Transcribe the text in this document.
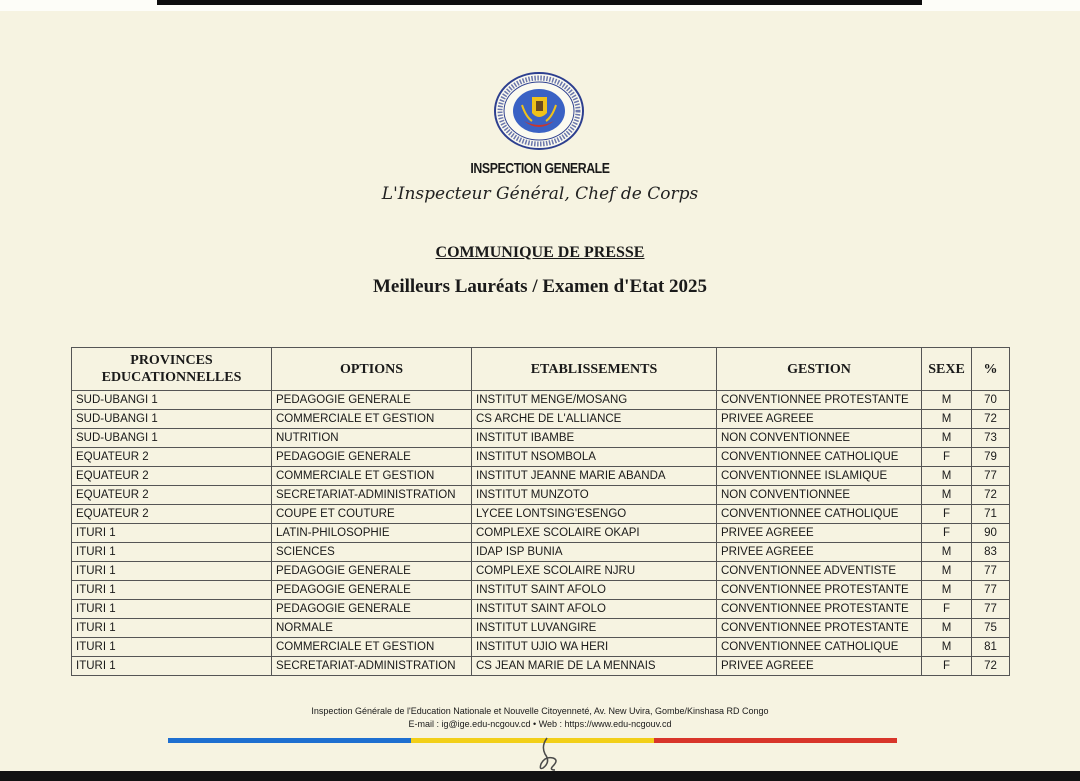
INSPECTION GENERALE
L'Inspecteur Général, Chef de Corps
COMMUNIQUE DE PRESSE
Meilleurs Lauréats / Examen d'Etat 2025
PROVINCES EDUCATIONNELLES	OPTIONS	ETABLISSEMENTS	GESTION	SEXE	%
SUD-UBANGI 1	PEDAGOGIE GENERALE	INSTITUT MENGE/MOSANG	CONVENTIONNEE PROTESTANTE	M	70
SUD-UBANGI 1	COMMERCIALE ET GESTION	CS ARCHE DE L'ALLIANCE	PRIVEE AGREEE	M	72
SUD-UBANGI 1	NUTRITION	INSTITUT IBAMBE	NON CONVENTIONNEE	M	73
EQUATEUR 2	PEDAGOGIE GENERALE	INSTITUT NSOMBOLA	CONVENTIONNEE CATHOLIQUE	F	79
EQUATEUR 2	COMMERCIALE ET GESTION	INSTITUT JEANNE MARIE ABANDA	CONVENTIONNEE ISLAMIQUE	M	77
EQUATEUR 2	SECRETARIAT-ADMINISTRATION	INSTITUT MUNZOTO	NON CONVENTIONNEE	M	72
EQUATEUR 2	COUPE ET COUTURE	LYCEE LONTSING'ESENGO	CONVENTIONNEE CATHOLIQUE	F	71
ITURI 1	LATIN-PHILOSOPHIE	COMPLEXE SCOLAIRE OKAPI	PRIVEE AGREEE	F	90
ITURI 1	SCIENCES	IDAP ISP BUNIA	PRIVEE AGREEE	M	83
ITURI 1	PEDAGOGIE GENERALE	COMPLEXE SCOLAIRE NJRU	CONVENTIONNEE ADVENTISTE	M	77
ITURI 1	PEDAGOGIE GENERALE	INSTITUT SAINT AFOLO	CONVENTIONNEE PROTESTANTE	M	77
ITURI 1	PEDAGOGIE GENERALE	INSTITUT SAINT AFOLO	CONVENTIONNEE PROTESTANTE	F	77
ITURI 1	NORMALE	INSTITUT LUVANGIRE	CONVENTIONNEE PROTESTANTE	M	75
ITURI 1	COMMERCIALE ET GESTION	INSTITUT UJIO WA HERI	CONVENTIONNEE CATHOLIQUE	M	81
ITURI 1	SECRETARIAT-ADMINISTRATION	CS JEAN MARIE DE LA MENNAIS	PRIVEE AGREEE	F	72
Inspection Générale de l'Education Nationale et Nouvelle Citoyenneté, Av. New Uvira, Gombe/Kinshasa RD Congo
E-mail : ig@ige.edu-ncgouv.cd • Web : https://www.edu-ncgouv.cd
